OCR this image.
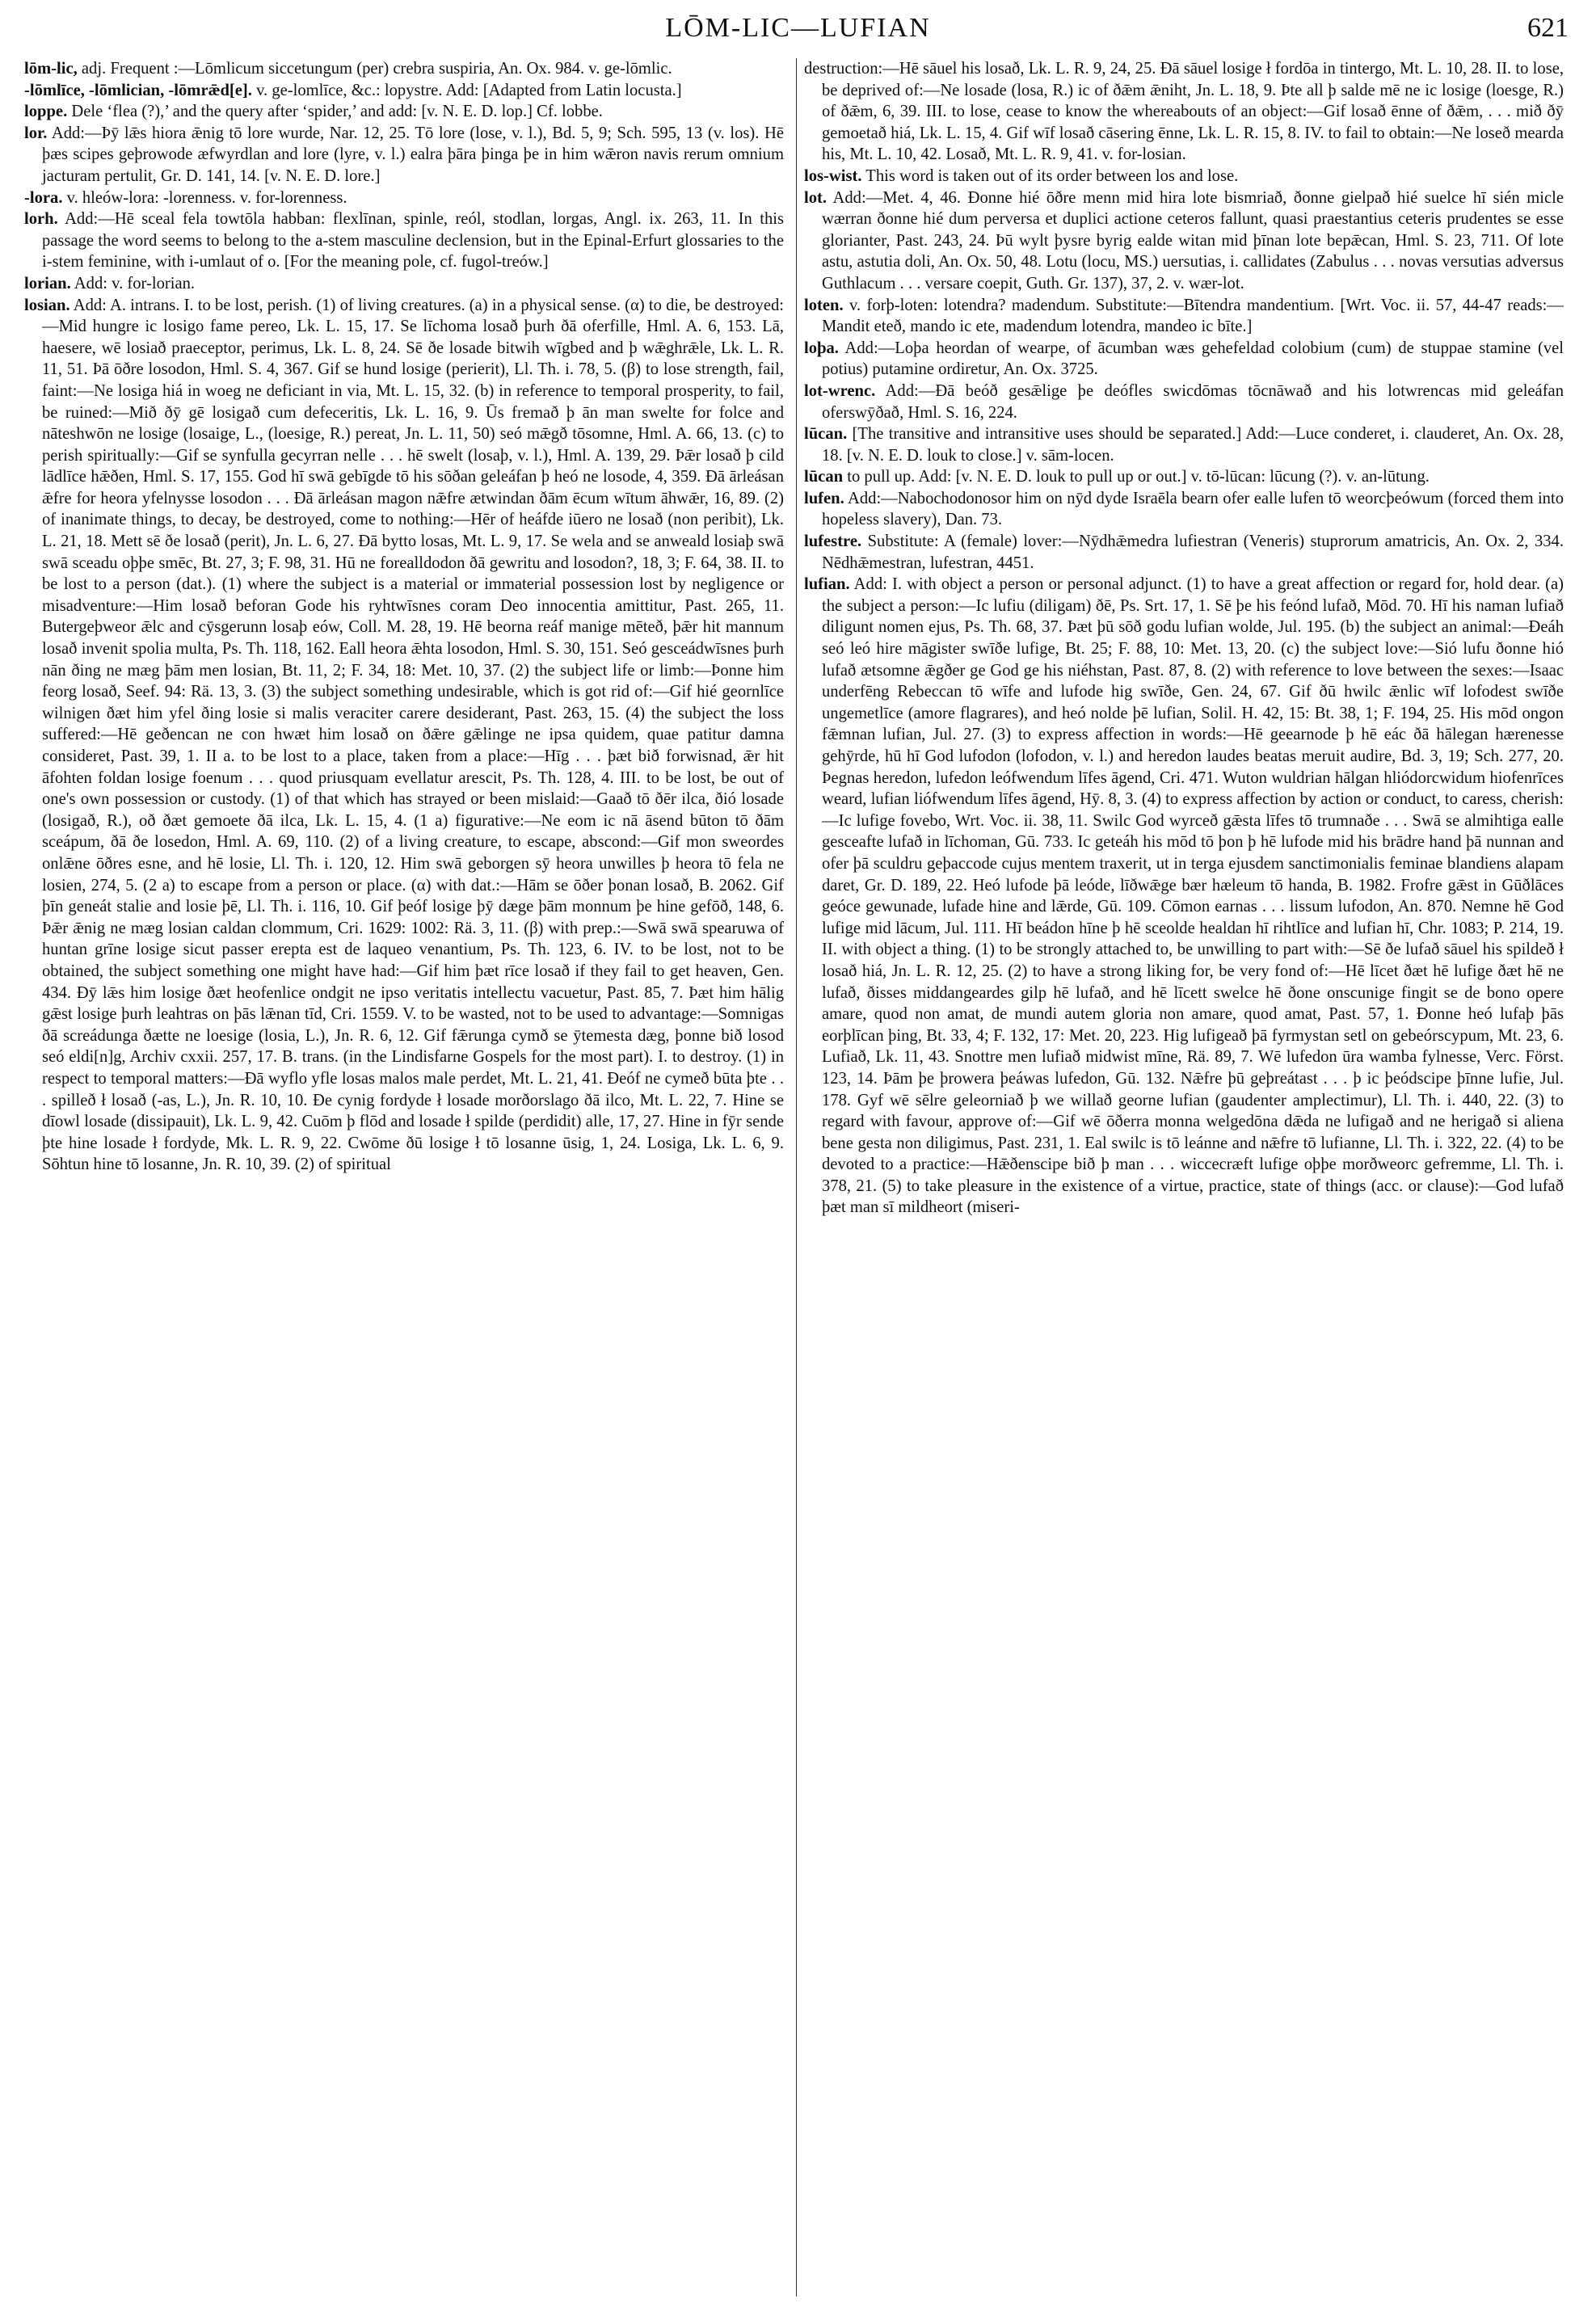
LŌM-LIC—LUFIAN	621

lōm-lic, adj. Frequent :—Lōmlicum siccetungum (per) crebra suspiria, An. Ox. 984. v. ge-lōmlic.

-lōmlīce, -lōmlician, -lōmrǣd[e]. v. ge-lomlīce, &c.: lopystre. Add: [Adapted from Latin locusta.]

loppe. Dele ‘flea (?),’ and the query after ‘spider,’ and add: [v. N. E. D. lop.] Cf. lobbe.

lor. Add:—Þȳ lǣs hiora ǣnig tō lore wurde, Nar. 12, 25. Tō lore (lose, v. l.), Bd. 5, 9; Sch. 595, 13 (v. los). Hē þæs scipes geþrowode æfwyrdlan and lore (lyre, v. l.) ealra þāra þinga þe in him wǣron navis rerum omnium jacturam pertulit, Gr. D. 141, 14. [v. N. E. D. lore.]

-lora. v. hleów-lora: -lorenness. v. for-lorenness.

lorh. Add:—Hē sceal fela towtōla habban: flexlīnan, spinle, reól, stodlan, lorgas, Angl. ix. 263, 11. In this passage the word seems to belong to the a-stem masculine declension, but in the Epinal-Erfurt glossaries to the i-stem feminine, with i-umlaut of o. [For the meaning pole, cf. fugol-treów.]

lorian. Add: v. for-lorian.

losian. Add: A. intrans. I. to be lost, perish. (1) of living creatures. (a) in a physical sense. (α) to die, be destroyed:—Mid hungre ic losigo fame pereo, Lk. L. 15, 17. Se līchoma losað þurh ðā oferfille, Hml. A. 6, 153. Lā, haesere, wē losiað praeceptor, perimus, Lk. L. 8, 24. Sē ðe losade bitwih wīgbed and þ wǣghrǣle, Lk. L. R. 11, 51. Þā ōðre losodon, Hml. S. 4, 367. Gif se hund losige (perierit), Ll. Th. i. 78, 5. (β) to lose strength, fail, faint:—Ne losiga hiá in woeg ne deficiant in via, Mt. L. 15, 32. (b) in reference to temporal prosperity, to fail, be ruined:—Mið ðȳ gē losigað cum defeceritis, Lk. L. 16, 9. Ūs fremað þ ān man swelte for folce and nāteshwōn ne losige (losaige, L., (loesige, R.) pereat, Jn. L. 11, 50) seó mǣgð tōsomne, Hml. A. 66, 13. (c) to perish spiritually:—Gif se synfulla gecyrran nelle . . . hē swelt (losaþ, v. l.), Hml. A. 139, 29. Þǣr losað þ cild lādlīce hǣðen, Hml. S. 17, 155. God hī swā gebīgde tō his sōðan geleáfan þ heó ne losode, 4, 359. Ðā ārleásan ǣfre for heora yfelnysse losodon . . . Ðā ārleásan magon nǣfre ætwindan ðām ēcum wītum āhwǣr, 16, 89. (2) of inanimate things, to decay, be destroyed, come to nothing:—Hēr of heáfde iūero ne losað (non peribit), Lk. L. 21, 18. Mett sē ðe losað (perit), Jn. L. 6, 27. Ðā bytto losas, Mt. L. 9, 17. Se wela and se anweald losiaþ swā swā sceadu oþþe smēc, Bt. 27, 3; F. 98, 31. Hū ne forealldodon ðā gewritu and losodon?, 18, 3; F. 64, 38. II. to be lost to a person (dat.). (1) where the subject is a material or immaterial possession lost by negligence or misadventure:—Him losað beforan Gode his ryhtwīsnes coram Deo innocentia amittitur, Past. 265, 11. Butergeþweor ǣlc and cȳsgerunn losaþ eów, Coll. M. 28, 19. Hē beorna reáf manige mēteð, þǣr hit mannum losað invenit spolia multa, Ps. Th. 118, 162. Eall heora ǣhta losodon, Hml. S. 30, 151. Seó gesceádwīsnes þurh nān ðing ne mæg þām men losian, Bt. 11, 2; F. 34, 18: Met. 10, 37. (2) the subject life or limb:—Þonne him feorg losað, Seef. 94: Rä. 13, 3. (3) the subject something undesirable, which is got rid of:—Gif hié geornlīce wilnigen ðæt him yfel ðing losie si malis veraciter carere desiderant, Past. 263, 15. (4) the subject the loss suffered:—Hē geðencan ne con hwæt him losað on ðǣre gǣlinge ne ipsa quidem, quae patitur damna consideret, Past. 39, 1. II a. to be lost to a place, taken from a place:—Hīg . . . þæt bið forwisnad, ǣr hit āfohten foldan losige foenum . . . quod priusquam evellatur arescit, Ps. Th. 128, 4. III. to be lost, be out of one's own possession or custody. (1) of that which has strayed or been mislaid:—Gaað tō ðēr ilca, ðió losade (losigað, R.), oð ðæt gemoete ðā ilca, Lk. L. 15, 4. (1 a) figurative:—Ne eom ic nā āsend būton tō ðām sceápum, ðā ðe losedon, Hml. A. 69, 110. (2) of a living creature, to escape, abscond:—Gif mon sweordes onlǣne ōðres esne, and hē losie, Ll. Th. i. 120, 12. Him swā geborgen sȳ heora unwilles þ heora tō fela ne losien, 274, 5. (2 a) to escape from a person or place. (α) with dat.:—Hām se ōðer þonan losað, B. 2062. Gif þīn geneát stalie and losie þē, Ll. Th. i. 116, 10. Gif þeóf losige þȳ dæge þām monnum þe hine gefōð, 148, 6. Þǣr ǣnig ne mæg losian caldan clommum, Cri. 1629: 1002: Rä. 3, 11. (β) with prep.:—Swā swā spearuwa of huntan grīne losige sicut passer erepta est de laqueo venantium, Ps. Th. 123, 6. IV. to be lost, not to be obtained, the subject something one might have had:—Gif him þæt rīce losað if they fail to get heaven, Gen. 434. Ðȳ lǣs him losige ðæt heofenlice ondgit ne ipso veritatis intellectu vacuetur, Past. 85, 7. Þæt him hālig gǣst losige þurh leahtras on þās lǣnan tīd, Cri. 1559. V. to be wasted, not to be used to advantage:—Somnigas ðā screádunga ðætte ne loesige (losia, L.), Jn. R. 6, 12. Gif fǣrunga cymð se ȳtemesta dæg, þonne bið losod seó eldi[n]g, Archiv cxxii. 257, 17. B. trans. (in the Lindisfarne Gospels for the most part). I. to destroy. (1) in respect to temporal matters:—Ðā wyflo yfle losas malos male perdet, Mt. L. 21, 41. Ðeóf ne cymeð būta þte . . . spilleð ł losað (-as, L.), Jn. R. 10, 10. Ðe cynig fordyde ł losade morðorslago ðā ilco, Mt. L. 22, 7. Hine se dīowl losade (dissipauit), Lk. L. 9, 42. Cuōm þ flōd and losade ł spilde (perdidit) alle, 17, 27. Hine in fȳr sende þte hine losade ł fordyde, Mk. L. R. 9, 22. Cwōme ðū losige ł tō losanne ūsig, 1, 24. Losiga, Lk. L. 6, 9. Sōhtun hine tō losanne, Jn. R. 10, 39. (2) of spiritual

destruction:—Hē sāuel his losað, Lk. L. R. 9, 24, 25. Ðā sāuel losige ł fordōa in tintergo, Mt. L. 10, 28. II. to lose, be deprived of:—Ne losade (losa, R.) ic of ðǣm ǣniht, Jn. L. 18, 9. Þte all þ salde mē ne ic losige (loesge, R.) of ðǣm, 6, 39. III. to lose, cease to know the whereabouts of an object:—Gif losað ēnne of ðǣm, . . . mið ðȳ gemoetað hiá, Lk. L. 15, 4. Gif wīf losað cāsering ēnne, Lk. L. R. 15, 8. IV. to fail to obtain:—Ne loseð mearda his, Mt. L. 10, 42. Losað, Mt. L. R. 9, 41. v. for-losian.

los-wist. This word is taken out of its order between los and lose.

lot. Add:—Met. 4, 46. Ðonne hié ōðre menn mid hira lote bismriað, ðonne gielpað hié suelce hī sién micle wærran ðonne hié dum perversa et duplici actione ceteros fallunt, quasi praestantius ceteris prudentes se esse glorianter, Past. 243, 24. Þū wylt þysre byrig ealde witan mid þīnan lote bepǣcan, Hml. S. 23, 711. Of lote astu, astutia doli, An. Ox. 50, 48. Lotu (locu, MS.) uersutias, i. callidates (Zabulus . . . novas versutias adversus Guthlacum . . . versare coepit, Guth. Gr. 137), 37, 2. v. wær-lot.

loten. v. forþ-loten: lotendra? madendum. Substitute:—Bītendra mandentium. [Wrt. Voc. ii. 57, 44-47 reads:—Mandit eteð, mando ic ete, madendum lotendra, mandeo ic bīte.]

loþa. Add:—Loþa heordan of wearpe, of ācumban wæs gehefeldad colobium (cum) de stuppae stamine (vel potius) putamine ordiretur, An. Ox. 3725.

lot-wrenc. Add:—Ðā beóð gesǣlige þe deófles swicdōmas tōcnāwað and his lotwrencas mid geleáfan oferswȳðað, Hml. S. 16, 224.

lūcan. [The transitive and intransitive uses should be separated.] Add:—Luce conderet, i. clauderet, An. Ox. 28, 18. [v. N. E. D. louk to close.] v. sām-locen.

lūcan to pull up. Add: [v. N. E. D. louk to pull up or out.] v. tō-lūcan: lūcung (?). v. an-lūtung.

lufen. Add:—Nabochodonosor him on nȳd dyde Israēla bearn ofer ealle lufen tō weorcþeówum (forced them into hopeless slavery), Dan. 73.

lufestre. Substitute: A (female) lover:—Nȳdhǣmedra lufiestran (Veneris) stuprorum amatricis, An. Ox. 2, 334. Nēdhǣmestran, lufestran, 4451.

lufian. Add: I. with object a person or personal adjunct. (1) to have a great affection or regard for, hold dear. (a) the subject a person:—Ic lufiu (diligam) ðē, Ps. Srt. 17, 1. Sē þe his feónd lufað, Mōd. 70. Hī his naman lufiað diligunt nomen ejus, Ps. Th. 68, 37. Þæt þū sōð godu lufian wolde, Jul. 195. (b) the subject an animal:—Ðeáh seó leó hire māgister swīðe lufige, Bt. 25; F. 88, 10: Met. 13, 20. (c) the subject love:—Sió lufu ðonne hió lufað ætsomne ǣgðer ge God ge his niéhstan, Past. 87, 8. (2) with reference to love between the sexes:—Isaac underfēng Rebeccan tō wīfe and lufode hig swīðe, Gen. 24, 67. Gif ðū hwilc ǣnlic wīf lofodest swīðe ungemetlīce (amore flagrares), and heó nolde þē lufian, Solil. H. 42, 15: Bt. 38, 1; F. 194, 25. His mōd ongon fǣmnan lufian, Jul. 27. (3) to express affection in words:—Hē geearnode þ hē eác ðā hālegan hærenesse gehȳrde, hū hī God lufodon (lofodon, v. l.) and heredon laudes beatas meruit audire, Bd. 3, 19; Sch. 277, 20. Þegnas heredon, lufedon leófwendum līfes āgend, Cri. 471. Wuton wuldrian hālgan hliódorcwidum hiofenrīces weard, lufian liófwendum līfes āgend, Hȳ. 8, 3. (4) to express affection by action or conduct, to caress, cherish:—Ic lufige fovebo, Wrt. Voc. ii. 38, 11. Swilc God wyrceð gǣsta līfes tō trumnaðe . . . Swā se almihtiga ealle gesceafte lufað in līchoman, Gū. 733. Ic geteáh his mōd tō þon þ hē lufode mid his brādre hand þā nunnan and ofer þā sculdru geþaccode cujus mentem traxerit, ut in terga ejusdem sanctimonialis feminae blandiens alapam daret, Gr. D. 189, 22. Heó lufode þā leóde, līðwǣge bær hæleum tō handa, B. 1982. Frofre gǣst in Gūðlāces geóce gewunade, lufade hine and lǣrde, Gū. 109. Cōmon earnas . . . lissum lufodon, An. 870. Nemne hē God lufige mid lācum, Jul. 111. Hī beádon hīne þ hē sceolde healdan hī rihtlīce and lufian hī, Chr. 1083; P. 214, 19. II. with object a thing. (1) to be strongly attached to, be unwilling to part with:—Sē ðe lufað sāuel his spildeð ł losað hiá, Jn. L. R. 12, 25. (2) to have a strong liking for, be very fond of:—Hē līcet ðæt hē lufige ðæt hē ne lufað, ðisses middangeardes gilp hē lufað, and hē līcett swelce hē ðone onscunige fingit se de bono opere amare, quod non amat, de mundi autem gloria non amare, quod amat, Past. 57, 1. Ðonne heó lufaþ þās eorþlīcan þing, Bt. 33, 4; F. 132, 17: Met. 20, 223. Hig lufigeað þā fyrmystan setl on gebeórscypum, Mt. 23, 6. Lufiað, Lk. 11, 43. Snottre men lufiað midwist mīne, Rä. 89, 7. Wē lufedon ūra wamba fylnesse, Verc. Först. 123, 14. Þām þe þrowera þeáwas lufedon, Gū. 132. Nǣfre þū geþreátast . . . þ ic þeódscipe þīnne lufie, Jul. 178. Gyf wē sēlre geleorniað þ we willað georne lufian (gaudenter amplectimur), Ll. Th. i. 440, 22. (3) to regard with favour, approve of:—Gif wē ōðerra monna welgedōna dǣda ne lufigað and ne herigað si aliena bene gesta non diligimus, Past. 231, 1. Eal swilc is tō leánne and nǣfre tō lufianne, Ll. Th. i. 322, 22. (4) to be devoted to a practice:—Hǣðenscipe bið þ man . . . wiccecræft lufige oþþe morðweorc gefremme, Ll. Th. i. 378, 21. (5) to take pleasure in the existence of a virtue, practice, state of things (acc. or clause):—God lufað þæt man sī mildheort (miseri-
